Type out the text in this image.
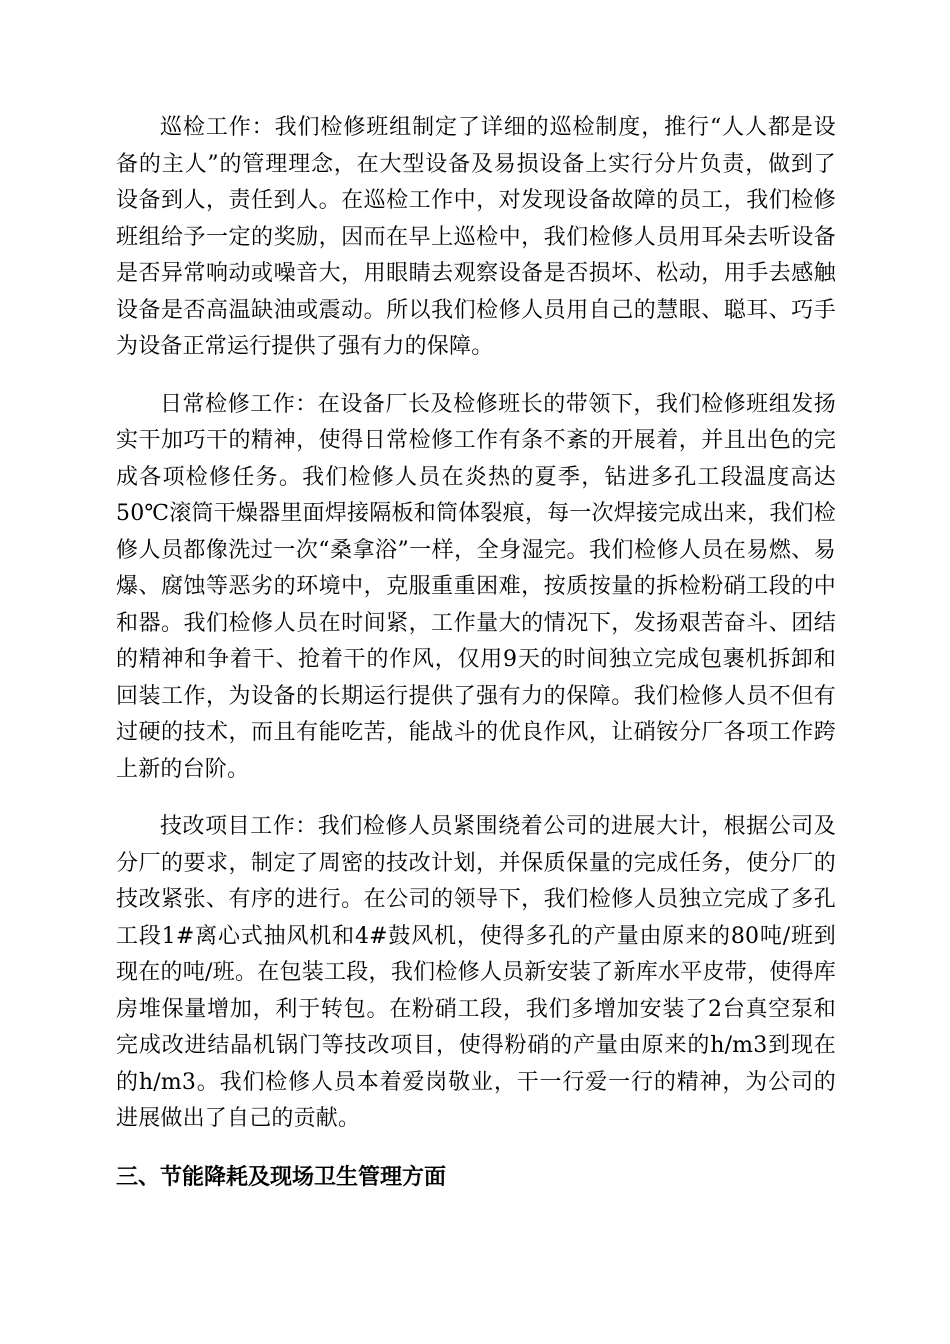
巡检工作：我们检修班组制定了详细的巡检制度，推行“人人都是设备的主人”的管理理念，在大型设备及易损设备上实行分片负责，做到了设备到人，责任到人。在巡检工作中，对发现设备故障的员工，我们检修班组给予一定的奖励，因而在早上巡检中，我们检修人员用耳朵去听设备是否异常响动或噪音大，用眼睛去观察设备是否损坏、松动，用手去感触设备是否高温缺油或震动。所以我们检修人员用自己的慧眼、聪耳、巧手为设备正常运行提供了强有力的保障。

日常检修工作：在设备厂长及检修班长的带领下，我们检修班组发扬实干加巧干的精神，使得日常检修工作有条不紊的开展着，并且出色的完成各项检修任务。我们检修人员在炎热的夏季，钻进多孔工段温度高达50℃滚筒干燥器里面焊接隔板和筒体裂痕，每一次焊接完成出来，我们检修人员都像洗过一次“桑拿浴”一样，全身湿完。我们检修人员在易燃、易爆、腐蚀等恶劣的环境中，克服重重困难，按质按量的拆检粉硝工段的中和器。我们检修人员在时间紧，工作量大的情况下，发扬艰苦奋斗、团结的精神和争着干、抢着干的作风，仅用9天的时间独立完成包裹机拆卸和回装工作，为设备的长期运行提供了强有力的保障。我们检修人员不但有过硬的技术，而且有能吃苦，能战斗的优良作风，让硝铵分厂各项工作跨上新的台阶。

技改项目工作：我们检修人员紧围绕着公司的进展大计，根据公司及分厂的要求，制定了周密的技改计划，并保质保量的完成任务，使分厂的技改紧张、有序的进行。在公司的领导下，我们检修人员独立完成了多孔工段1#离心式抽风机和4#鼓风机，使得多孔的产量由原来的80吨/班到现在的吨/班。在包装工段，我们检修人员新安装了新库水平皮带，使得库房堆保量增加，利于转包。在粉硝工段，我们多增加安装了2台真空泵和完成改进结晶机锅门等技改项目，使得粉硝的产量由原来的h/m3到现在的h/m3。我们检修人员本着爱岗敬业，干一行爱一行的精神，为公司的进展做出了自己的贡献。

三、节能降耗及现场卫生管理方面
